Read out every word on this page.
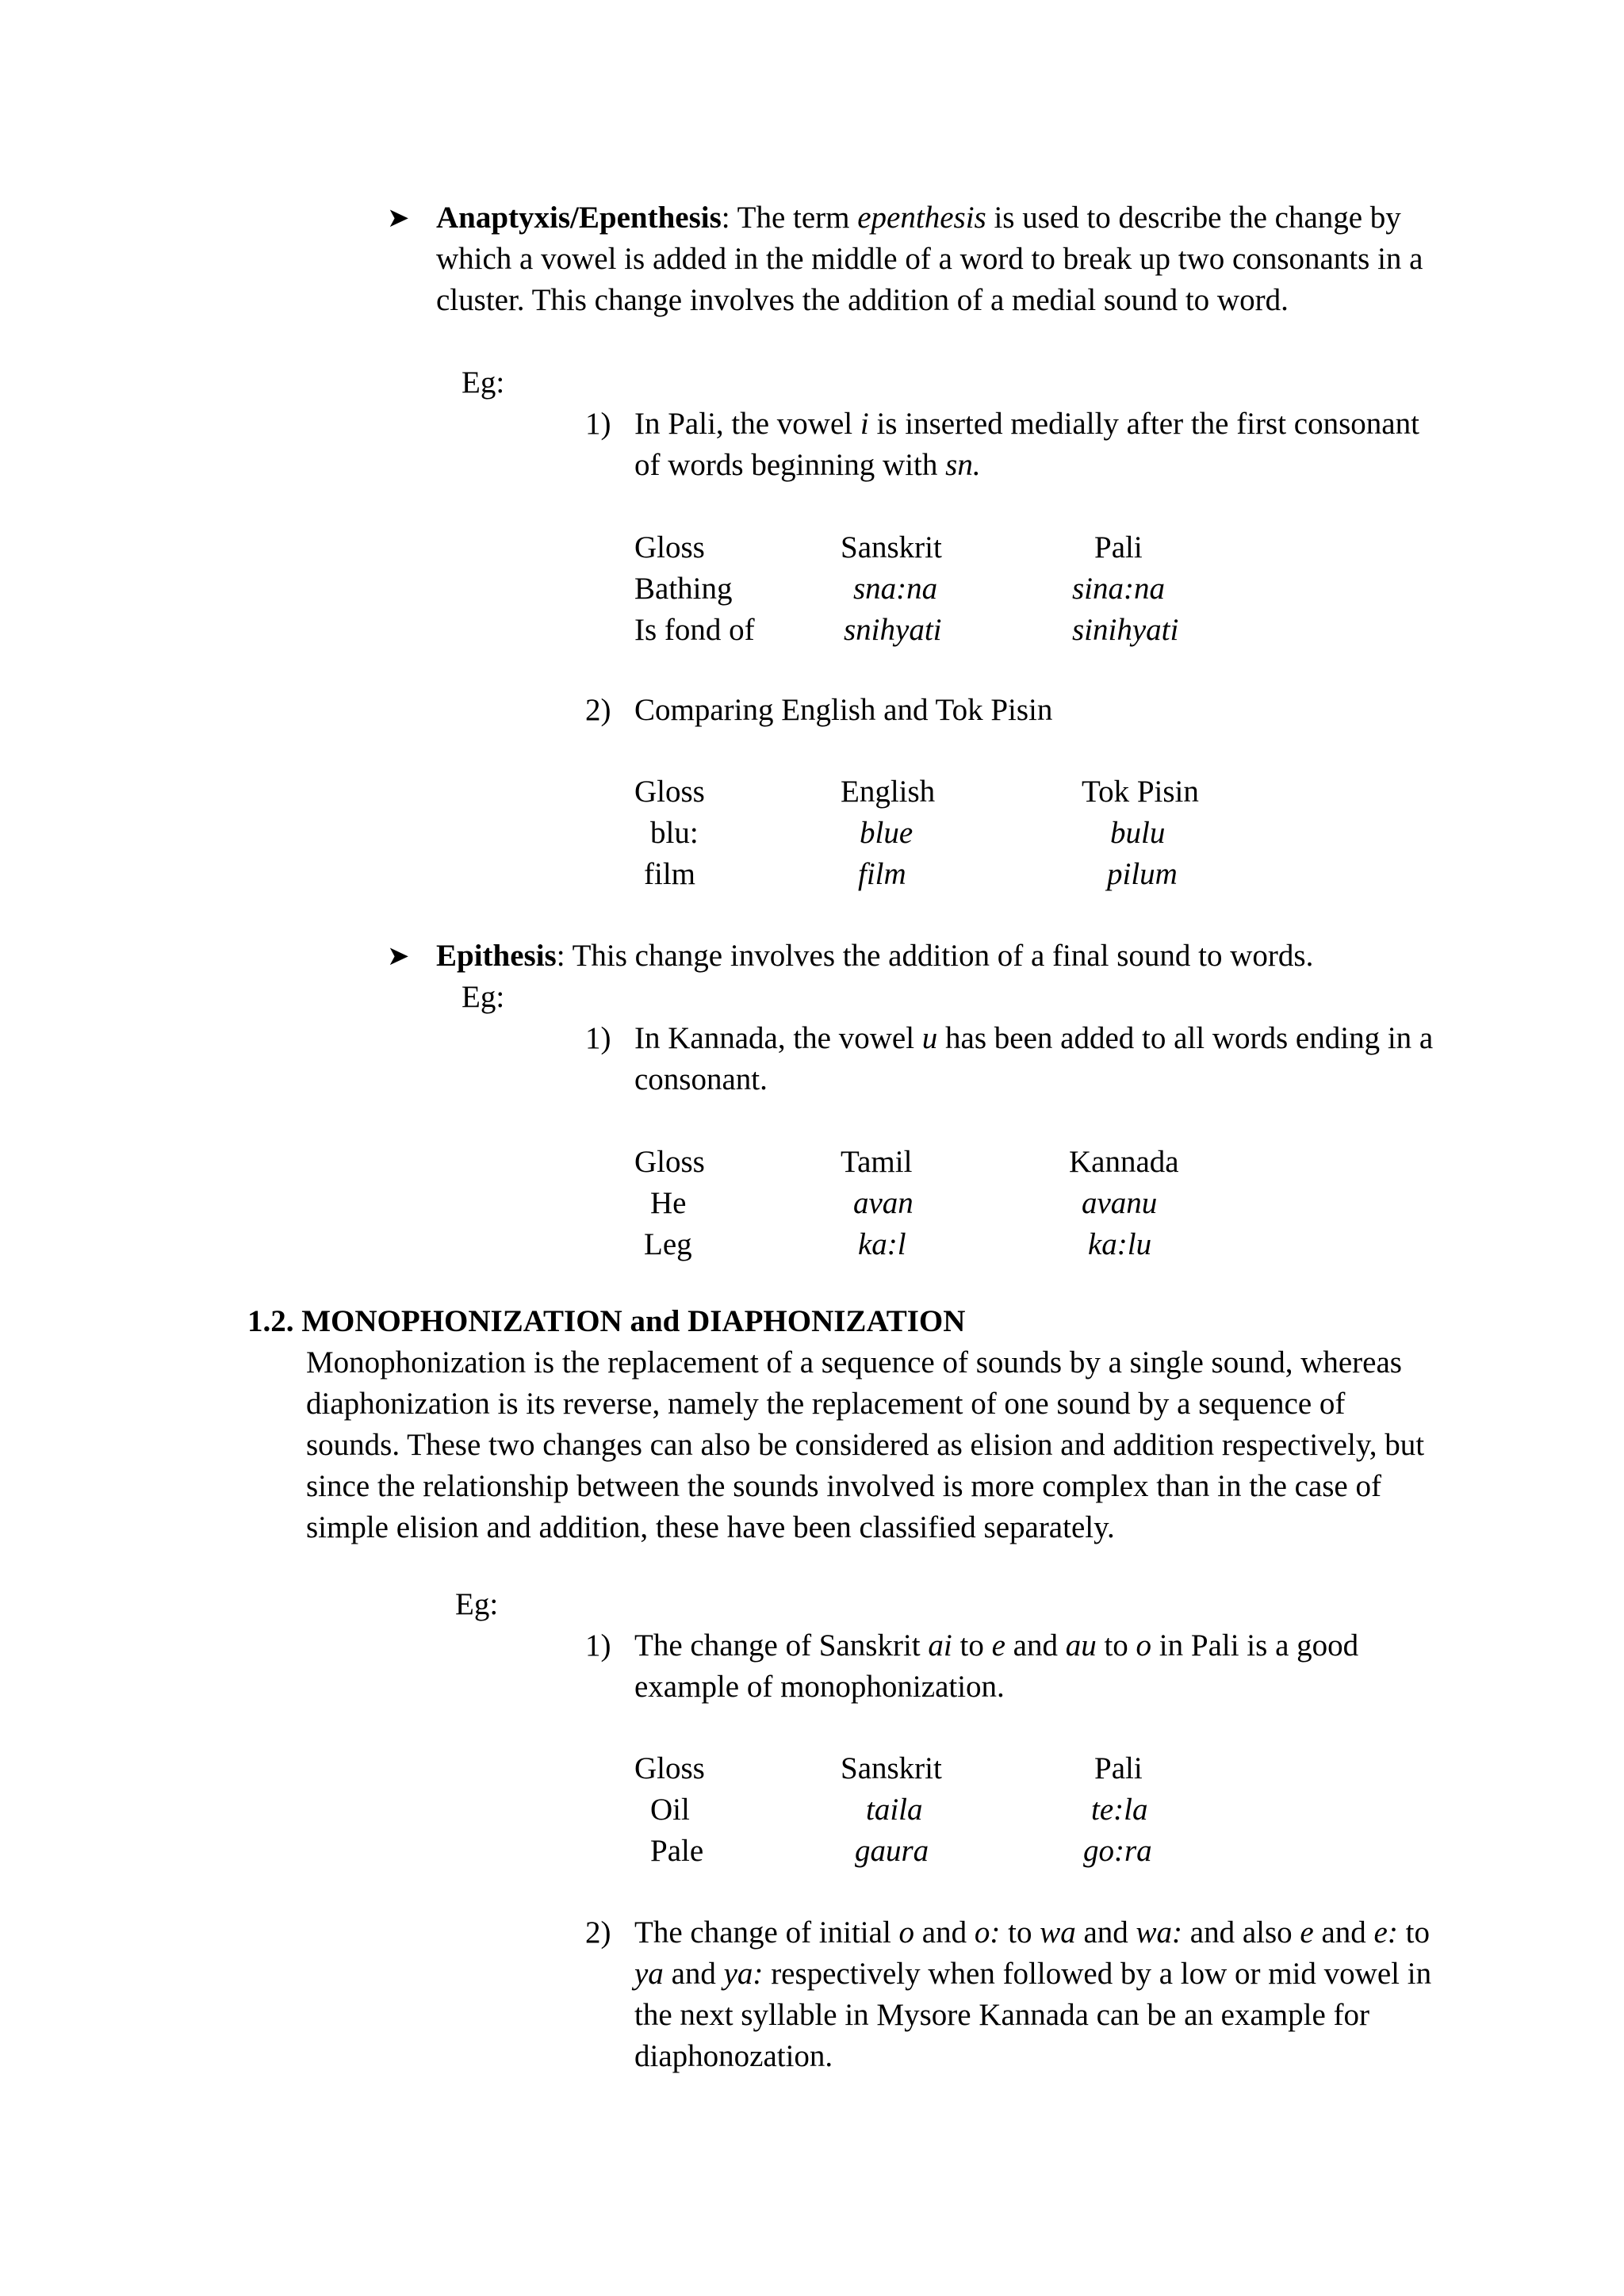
➤ Anaptyxis/Epenthesis: The term epenthesis is used to describe the change by which a vowel is added in the middle of a word to break up two consonants in a cluster. This change involves the addition of a medial sound to word.

Eg:
1) In Pali, the vowel i is inserted medially after the first consonant of words beginning with sn.

Gloss	Sanskrit	Pali
Bathing	sna:na	sina:na
Is fond of	snihyati	sinihyati
2) Comparing English and Tok Pisin

Gloss	English	Tok Pisin
blu:	blue	bulu
film	film	pilum
➤ Epithesis: This change involves the addition of a final sound to words.

Eg:
1) In Kannada, the vowel u has been added to all words ending in a consonant.

Gloss	Tamil	Kannada
He	avan	avanu
Leg	ka:l	ka:lu
1.2. MONOPHONIZATION and DIAPHONIZATION

Monophonization is the replacement of a sequence of sounds by a single sound, whereas diaphonization is its reverse, namely the replacement of one sound by a sequence of sounds. These two changes can also be considered as elision and addition respectively, but since the relationship between the sounds involved is more complex than in the case of simple elision and addition, these have been classified separately.

Eg:
1) The change of Sanskrit ai to e and au to o in Pali is a good example of monophonization.

Gloss	Sanskrit	Pali
Oil	taila	te:la
Pale	gaura	go:ra
2) The change of initial o and o: to wa and wa: and also e and e: to ya and ya: respectively when followed by a low or mid vowel in the next syllable in Mysore Kannada can be an example for diaphonozation.
